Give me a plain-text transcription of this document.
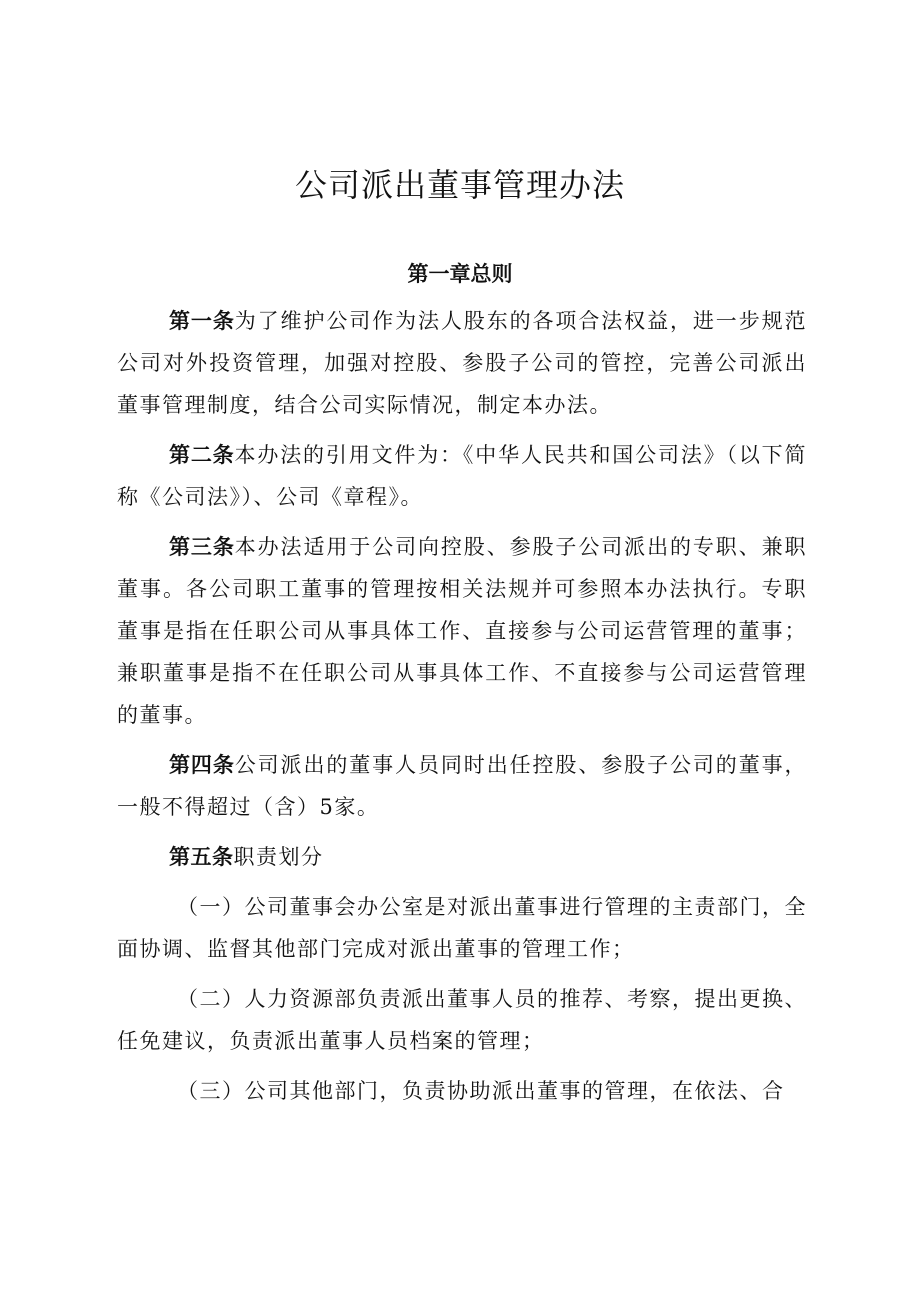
公司派出董事管理办法
第一章总则

第一条为了维护公司作为法人股东的各项合法权益，进一步规范公司对外投资管理，加强对控股、参股子公司的管控，完善公司派出董事管理制度，结合公司实际情况，制定本办法。

第二条本办法的引用文件为：《中华人民共和国公司法》（以下简称《公司法》）、公司《章程》。

第三条本办法适用于公司向控股、参股子公司派出的专职、兼职董事。各公司职工董事的管理按相关法规并可参照本办法执行。专职董事是指在任职公司从事具体工作、直接参与公司运营管理的董事；兼职董事是指不在任职公司从事具体工作、不直接参与公司运营管理的董事。

第四条公司派出的董事人员同时出任控股、参股子公司的董事，一般不得超过（含）5家。

第五条职责划分

（一）公司董事会办公室是对派出董事进行管理的主责部门，全面协调、监督其他部门完成对派出董事的管理工作；

（二）人力资源部负责派出董事人员的推荐、考察，提出更换、任免建议，负责派出董事人员档案的管理；

（三）公司其他部门，负责协助派出董事的管理，在依法、合
